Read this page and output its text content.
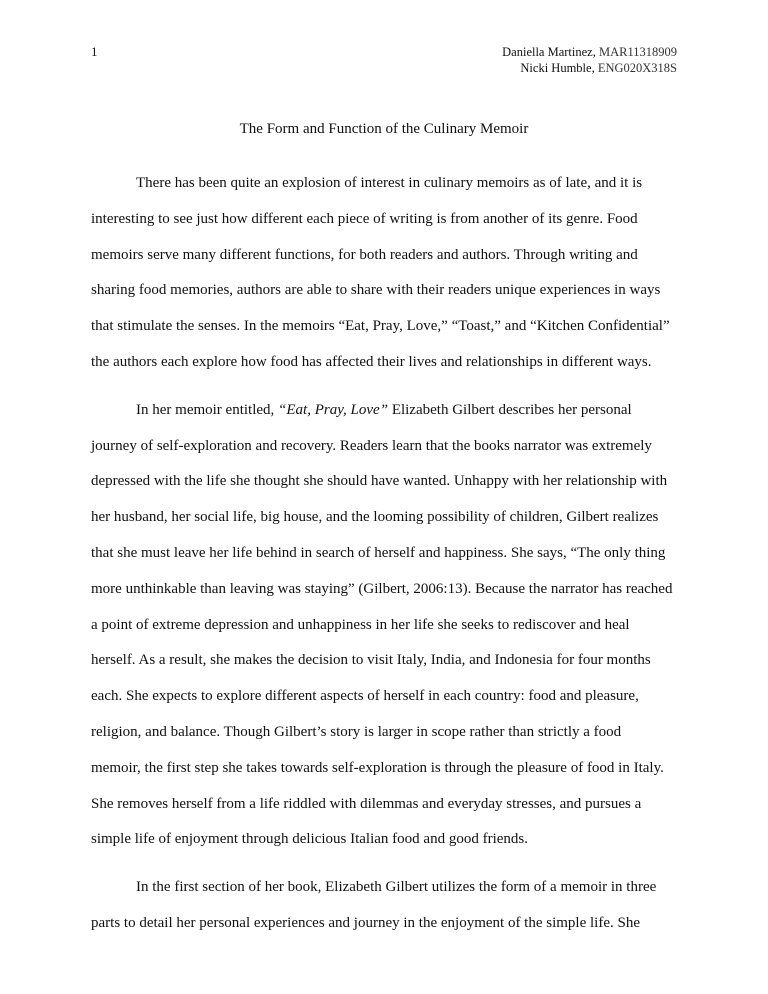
1	Daniella Martinez, MAR11318909
Nicki Humble, ENG020X318S
The Form and Function of the Culinary Memoir
There has been quite an explosion of interest in culinary memoirs as of late, and it is
interesting to see just how different each piece of writing is from another of its genre. Food
memoirs serve many different functions, for both readers and authors. Through writing and
sharing food memories, authors are able to share with their readers unique experiences in ways
that stimulate the senses. In the memoirs “Eat, Pray, Love,” “Toast,” and “Kitchen Confidential”
the authors each explore how food has affected their lives and relationships in different ways.
In her memoir entitled, “Eat, Pray, Love” Elizabeth Gilbert describes her personal
journey of self-exploration and recovery. Readers learn that the books narrator was extremely
depressed with the life she thought she should have wanted. Unhappy with her relationship with
her husband, her social life, big house, and the looming possibility of children, Gilbert realizes
that she must leave her life behind in search of herself and happiness. She says, “The only thing
more unthinkable than leaving was staying” (Gilbert, 2006:13). Because the narrator has reached
a point of extreme depression and unhappiness in her life she seeks to rediscover and heal
herself. As a result, she makes the decision to visit Italy, India, and Indonesia for four months
each. She expects to explore different aspects of herself in each country: food and pleasure,
religion, and balance. Though Gilbert’s story is larger in scope rather than strictly a food
memoir, the first step she takes towards self-exploration is through the pleasure of food in Italy.
She removes herself from a life riddled with dilemmas and everyday stresses, and pursues a
simple life of enjoyment through delicious Italian food and good friends.
In the first section of her book, Elizabeth Gilbert utilizes the form of a memoir in three
parts to detail her personal experiences and journey in the enjoyment of the simple life. She
